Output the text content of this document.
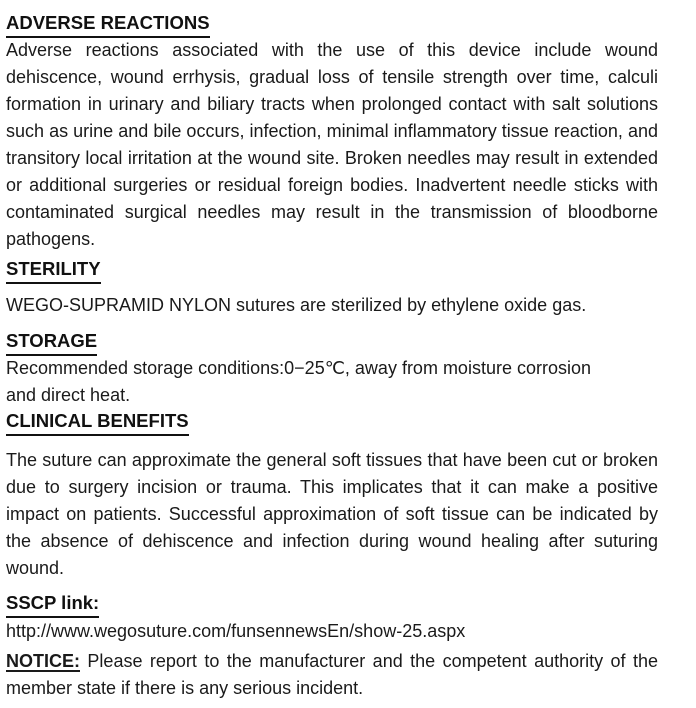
ADVERSE REACTIONS

Adverse reactions associated with the use of this device include wound dehiscence, wound errhysis, gradual loss of tensile strength over time, calculi formation in urinary and biliary tracts when prolonged contact with salt solutions such as urine and bile occurs, infection, minimal inflammatory tissue reaction, and transitory local irritation at the wound site. Broken needles may result in extended or additional surgeries or residual foreign bodies. Inadvertent needle sticks with contaminated surgical needles may result in the transmission of bloodborne pathogens.

STERILITY

WEGO-SUPRAMID NYLON sutures are sterilized by ethylene oxide gas.

STORAGE

Recommended storage conditions:0−25℃, away from moisture corrosion

and direct heat.

CLINICAL BENEFITS

The suture can approximate the general soft tissues that have been cut or broken due to surgery incision or trauma. This implicates that it can make a positive impact on patients. Successful approximation of soft tissue can be indicated by the absence of dehiscence and infection during wound healing after suturing wound.

SSCP link:

http://www.wegosuture.com/funsennewsEn/show-25.aspx

NOTICE: Please report to the manufacturer and the competent authority of the member state if there is any serious incident.
